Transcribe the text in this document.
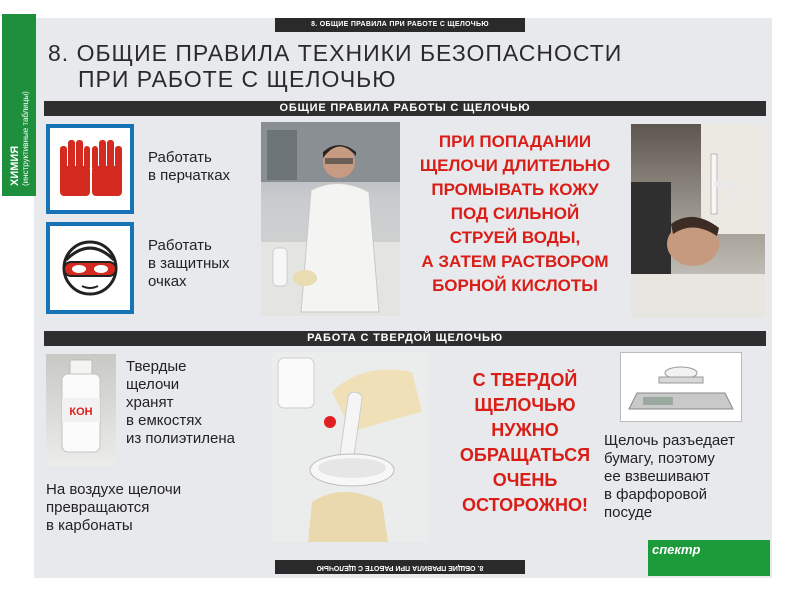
8. ОБЩИЕ ПРАВИЛА ПРИ РАБОТЕ С ЩЕЛОЧЬЮ
ХИМИЯ (инструктивные таблицы)
8. ОБЩИЕ ПРАВИЛА ТЕХНИКИ БЕЗОПАСНОСТИ
ПРИ РАБОТЕ С ЩЕЛОЧЬЮ
ОБЩИЕ ПРАВИЛА РАБОТЫ С ЩЕЛОЧЬЮ
Работать
в перчатках
Работать
в защитных
очках
ПРИ ПОПАДАНИИ
ЩЕЛОЧИ ДЛИТЕЛЬНО
ПРОМЫВАТЬ КОЖУ
ПОД СИЛЬНОЙ
СТРУЕЙ ВОДЫ,
А ЗАТЕМ РАСТВОРОМ
БОРНОЙ КИСЛОТЫ
РАБОТА С ТВЕРДОЙ ЩЕЛОЧЬЮ
КОН
Твердые
щелочи
хранят
в емкостях
из полиэтилена
На воздухе щелочи
превращаются
в карбонаты
С ТВЕРДОЙ
ЩЕЛОЧЬЮ
НУЖНО
ОБРАЩАТЬСЯ
ОЧЕНЬ
ОСТОРОЖНО!
Щелочь разъедает
бумагу, поэтому
ее взвешивают
в фарфоровой
посуде
8. ОБЩИЕ ПРАВИЛА ПРИ РАБОТЕ С ЩЕЛОЧЬЮ
спектр
